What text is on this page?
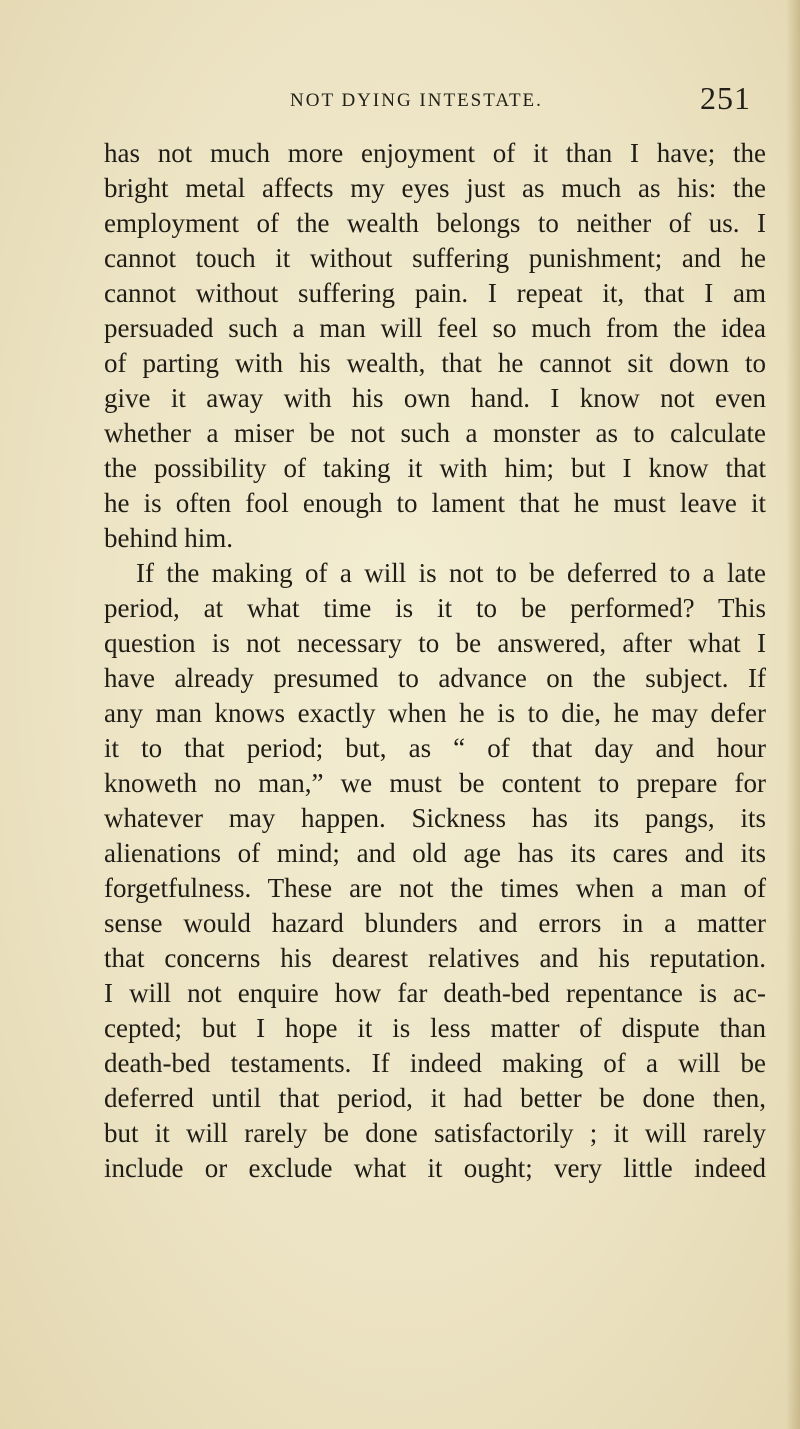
NOT DYING INTESTATE.	251
has not much more enjoyment of it than I have; the
bright metal affects my eyes just as much as his: the
employment of the wealth belongs to neither of us. I
cannot touch it without suffering punishment; and he
cannot without suffering pain. I repeat it, that I am
persuaded such a man will feel so much from the idea
of parting with his wealth, that he cannot sit down to
give it away with his own hand. I know not even
whether a miser be not such a monster as to calculate
the possibility of taking it with him; but I know that
he is often fool enough to lament that he must leave it
behind him.
If the making of a will is not to be deferred to a late
period, at what time is it to be performed? This
question is not necessary to be answered, after what I
have already presumed to advance on the subject. If
any man knows exactly when he is to die, he may defer
it to that period; but, as “ of that day and hour
knoweth no man,” we must be content to prepare for
whatever may happen. Sickness has its pangs, its
alienations of mind; and old age has its cares and its
forgetfulness. These are not the times when a man of
sense would hazard blunders and errors in a matter
that concerns his dearest relatives and his reputation.
I will not enquire how far death-bed repentance is ac-
cepted; but I hope it is less matter of dispute than
death-bed testaments. If indeed making of a will be
deferred until that period, it had better be done then,
but it will rarely be done satisfactorily ; it will rarely
include or exclude what it ought; very little indeed
